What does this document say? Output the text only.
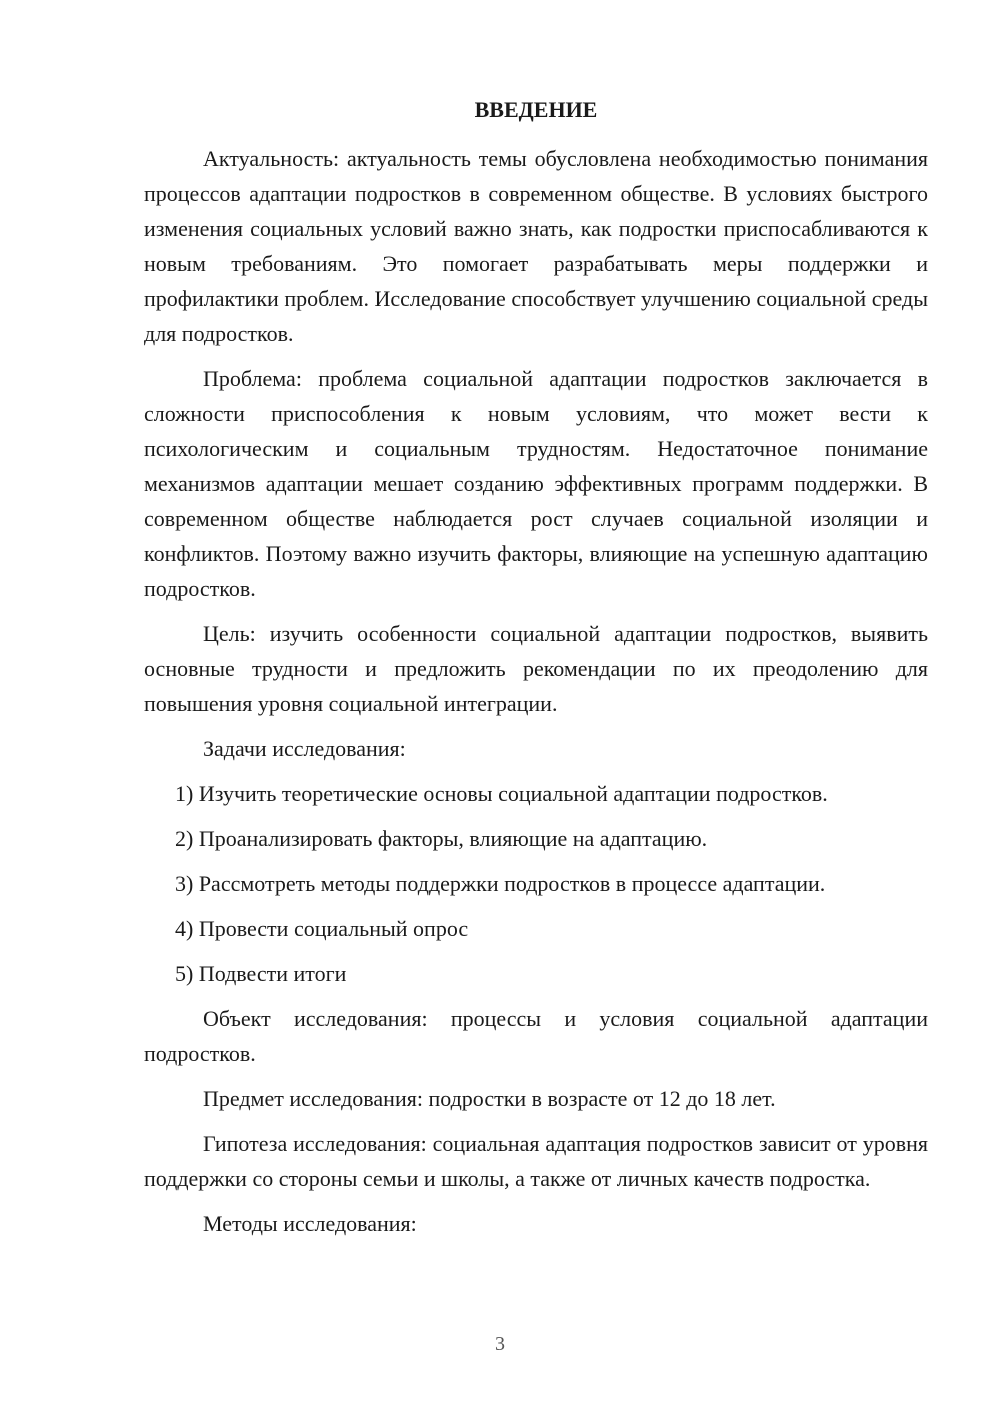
ВВЕДЕНИЕ

Актуальность: актуальность темы обусловлена необходимостью понимания процессов адаптации подростков в современном обществе. В условиях быстрого изменения социальных условий важно знать, как подростки приспосабливаются к новым требованиям. Это помогает разрабатывать меры поддержки и профилактики проблем. Исследование способствует улучшению социальной среды для подростков.

Проблема: проблема социальной адаптации подростков заключается в сложности приспособления к новым условиям, что может вести к психологическим и социальным трудностям. Недостаточное понимание механизмов адаптации мешает созданию эффективных программ поддержки. В современном обществе наблюдается рост случаев социальной изоляции и конфликтов. Поэтому важно изучить факторы, влияющие на успешную адаптацию подростков.

Цель: изучить особенности социальной адаптации подростков, выявить основные трудности и предложить рекомендации по их преодолению для повышения уровня социальной интеграции.

Задачи исследования:

1) Изучить теоретические основы социальной адаптации подростков.

2) Проанализировать факторы, влияющие на адаптацию.

3) Рассмотреть методы поддержки подростков в процессе адаптации.

4) Провести социальный опрос

5) Подвести итоги

Объект исследования: процессы и условия социальной адаптации подростков.

Предмет исследования: подростки в возрасте от 12 до 18 лет.

Гипотеза исследования: социальная адаптация подростков зависит от уровня поддержки со стороны семьи и школы, а также от личных качеств подростка.

Методы исследования:

3
